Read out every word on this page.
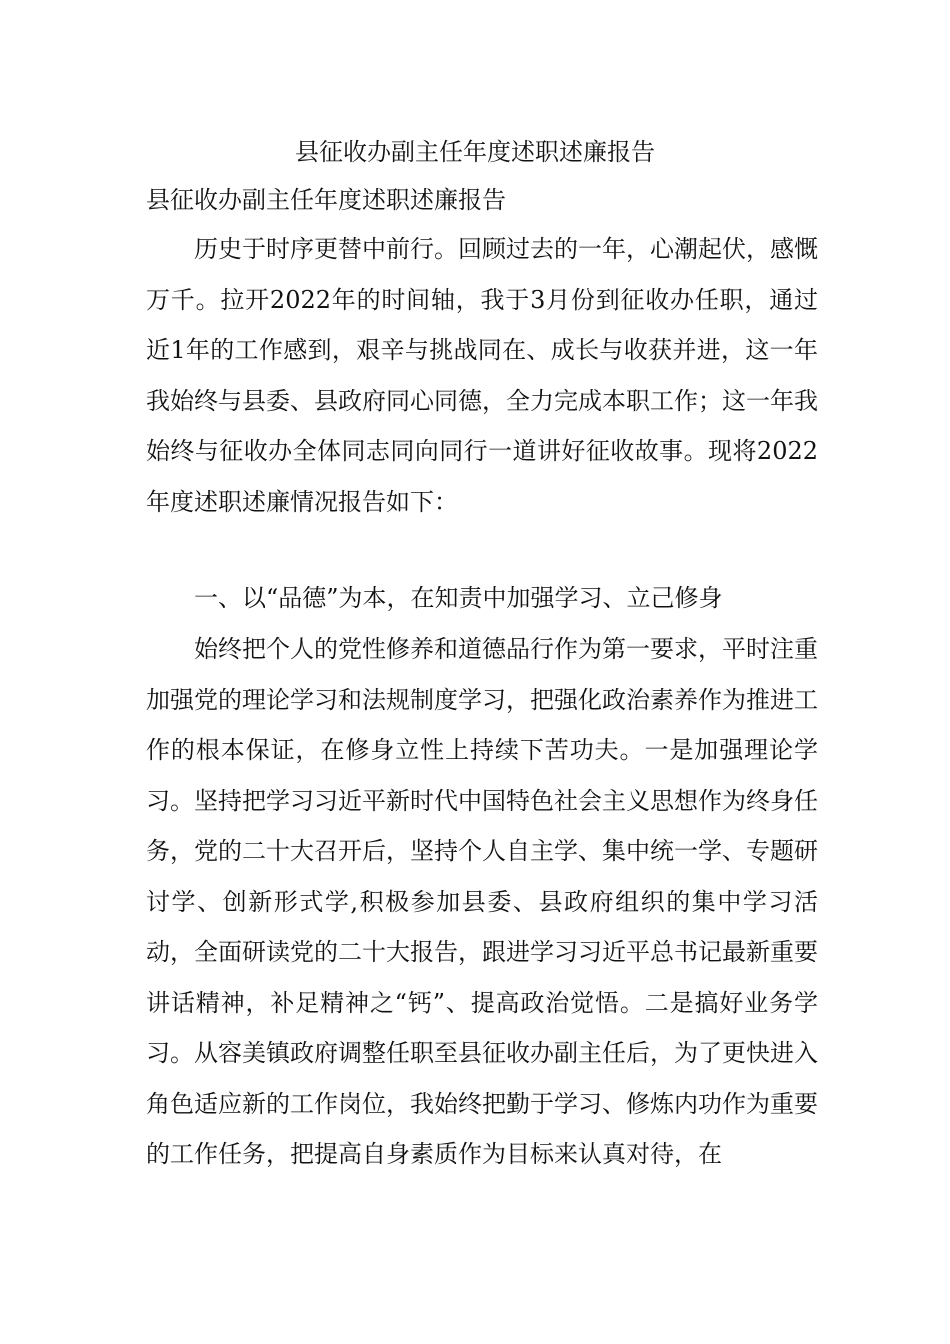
县征收办副主任年度述职述廉报告

县征收办副主任年度述职述廉报告

历史于时序更替中前行。回顾过去的一年，心潮起伏，感慨万千。拉开2022年的时间轴，我于3月份到征收办任职，通过近1年的工作感到，艰辛与挑战同在、成长与收获并进，这一年我始终与县委、县政府同心同德，全力完成本职工作；这一年我始终与征收办全体同志同向同行一道讲好征收故事。现将2022年度述职述廉情况报告如下：

一、以“品德”为本，在知责中加强学习、立己修身

始终把个人的党性修养和道德品行作为第一要求，平时注重加强党的理论学习和法规制度学习，把强化政治素养作为推进工作的根本保证，在修身立性上持续下苦功夫。一是加强理论学习。坚持把学习习近平新时代中国特色社会主义思想作为终身任务，党的二十大召开后，坚持个人自主学、集中统一学、专题研讨学、创新形式学,积极参加县委、县政府组织的集中学习活动，全面研读党的二十大报告，跟进学习习近平总书记最新重要讲话精神，补足精神之“钙”、提高政治觉悟。二是搞好业务学习。从容美镇政府调整任职至县征收办副主任后，为了更快进入角色适应新的工作岗位，我始终把勤于学习、修炼内功作为重要的工作任务，把提高自身素质作为目标来认真对待，在
